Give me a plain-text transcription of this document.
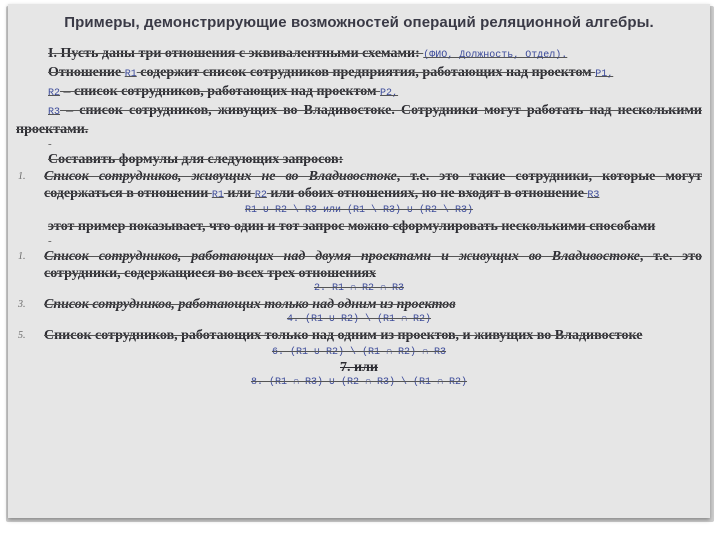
Примеры, демонстрирующие возможностей операций реляционной алгебры.

I. Пусть даны три отношения с эквивалентными схемами: (ФИО, Должность, Отдел).

Отношение R1 содержит список сотрудников предприятия, работающих над проектом P1,

R2 – список сотрудников, работающих над проектом P2,

R3 – список сотрудников, живущих во Владивостоке. Сотрудники могут работать над несколькими проектами.

-

Составить формулы для следующих запросов:

1. Список сотрудников, живущих не во Владивостоке, т.е. это такие сотрудники, которые могут содержаться в отношении R1 или R2 или обоих отношениях, но не входят в отношение R3

R1 ∪ R2 \ R3 или (R1 \ R3) ∪ (R2 \ R3)

этот пример показывает, что один и тот запрос можно сформулировать несколькими способами

-

1. Список сотрудников, работающих над двумя проектами и живущих во Владивостоке, т.е. это сотрудники, содержащиеся во всех трех отношениях

2. R1 ∩ R2 ∩ R3

3. Список сотрудников, работающих только над одним из проектов

4. (R1 ∪ R2) \ (R1 ∩ R2)

5. Список сотрудников, работающих только над одним из проектов, и живущих во Владивостоке

6. (R1 ∪ R2) \ (R1 ∩ R2) ∩ R3

7. или

8. (R1 ∩ R3) ∪ (R2 ∩ R3) \ (R1 ∩ R2)
